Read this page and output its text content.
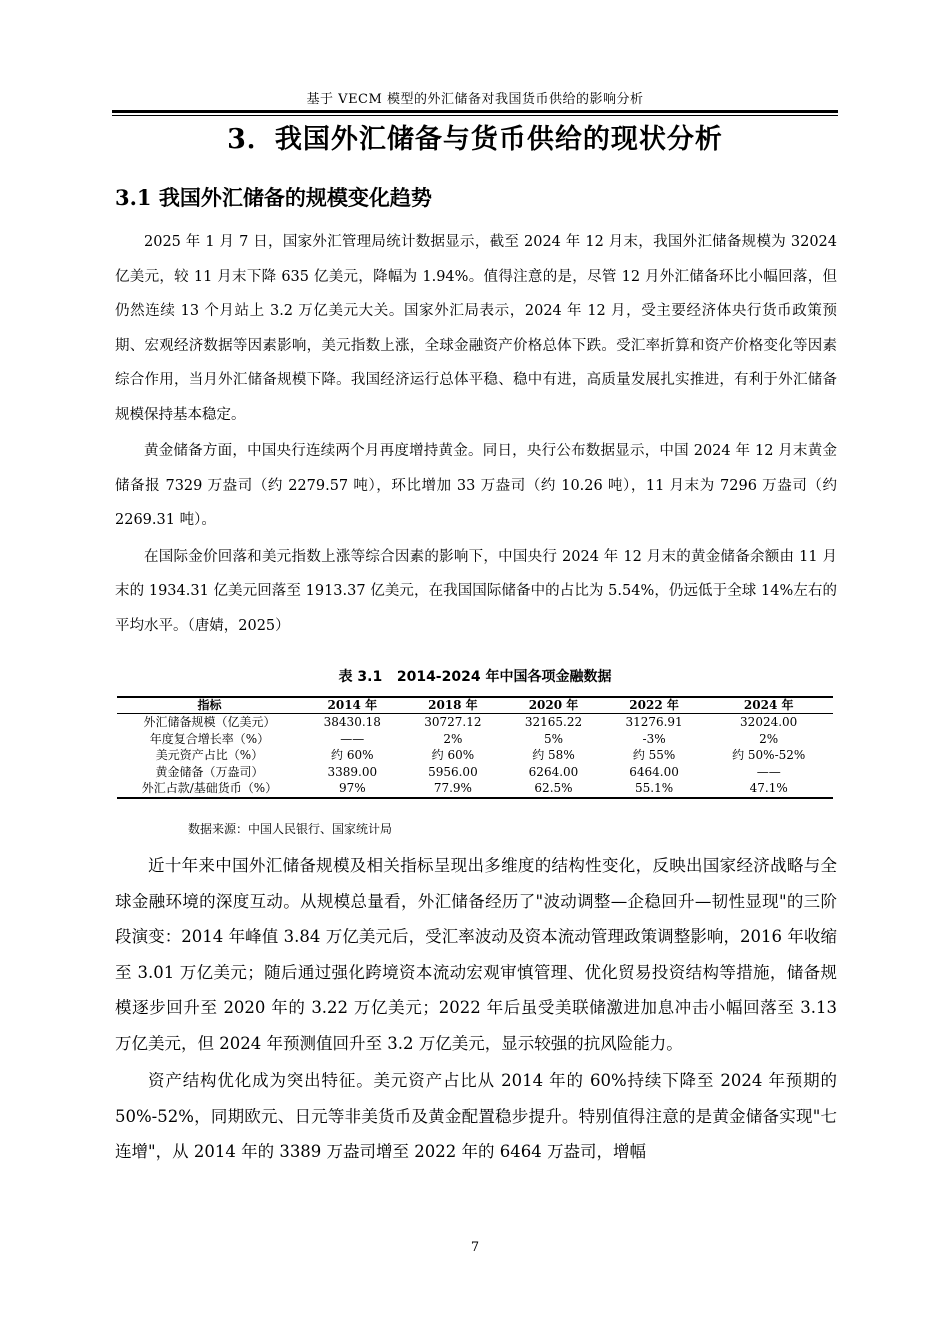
基于 VECM 模型的外汇储备对我国货币供给的影响分析
3．我国外汇储备与货币供给的现状分析
3.1 我国外汇储备的规模变化趋势

2025 年 1 月 7 日，国家外汇管理局统计数据显示，截至 2024 年 12 月末，我国外汇储备规模为 32024 亿美元，较 11 月末下降 635 亿美元，降幅为 1.94%。值得注意的是，尽管 12 月外汇储备环比小幅回落，但仍然连续 13 个月站上 3.2 万亿美元大关。国家外汇局表示，2024 年 12 月，受主要经济体央行货币政策预期、宏观经济数据等因素影响，美元指数上涨，全球金融资产价格总体下跌。受汇率折算和资产价格变化等因素综合作用，当月外汇储备规模下降。我国经济运行总体平稳、稳中有进，高质量发展扎实推进，有利于外汇储备规模保持基本稳定。

黄金储备方面，中国央行连续两个月再度增持黄金。同日，央行公布数据显示，中国 2024 年 12 月末黄金储备报 7329 万盎司（约 2279.57 吨），环比增加 33 万盎司（约 10.26 吨），11 月末为 7296 万盎司（约 2269.31 吨）。

在国际金价回落和美元指数上涨等综合因素的影响下，中国央行 2024 年 12 月末的黄金储备余额由 11 月末的 1934.31 亿美元回落至 1913.37 亿美元，在我国国际储备中的占比为 5.54%，仍远低于全球 14%左右的平均水平。（唐婧，2025）

表 3.1 2014-2024 年中国各项金融数据
指标	2014 年	2018 年	2020 年	2022 年	2024 年
外汇储备规模（亿美元）	38430.18	30727.12	32165.22	31276.91	32024.00
年度复合增长率（%）	——	2%	5%	-3%	2%
美元资产占比（%）	约 60%	约 60%	约 58%	约 55%	约 50%-52%
黄金储备（万盎司）	3389.00	5956.00	6264.00	6464.00	——
外汇占款/基础货币（%）	97%	77.9%	62.5%	55.1%	47.1%
数据来源：中国人民银行、国家统计局

近十年来中国外汇储备规模及相关指标呈现出多维度的结构性变化，反映出国家经济战略与全球金融环境的深度互动。从规模总量看，外汇储备经历了"波动调整—企稳回升—韧性显现"的三阶段演变：2014 年峰值 3.84 万亿美元后，受汇率波动及资本流动管理政策调整影响，2016 年收缩至 3.01 万亿美元；随后通过强化跨境资本流动宏观审慎管理、优化贸易投资结构等措施，储备规模逐步回升至 2020 年的 3.22 万亿美元；2022 年后虽受美联储激进加息冲击小幅回落至 3.13 万亿美元，但 2024 年预测值回升至 3.2 万亿美元，显示较强的抗风险能力。

资产结构优化成为突出特征。美元资产占比从 2014 年的 60%持续下降至 2024 年预期的 50%-52%，同期欧元、日元等非美货币及黄金配置稳步提升。特别值得注意的是黄金储备实现"七连增"，从 2014 年的 3389 万盎司增至 2022 年的 6464 万盎司，增幅

7
